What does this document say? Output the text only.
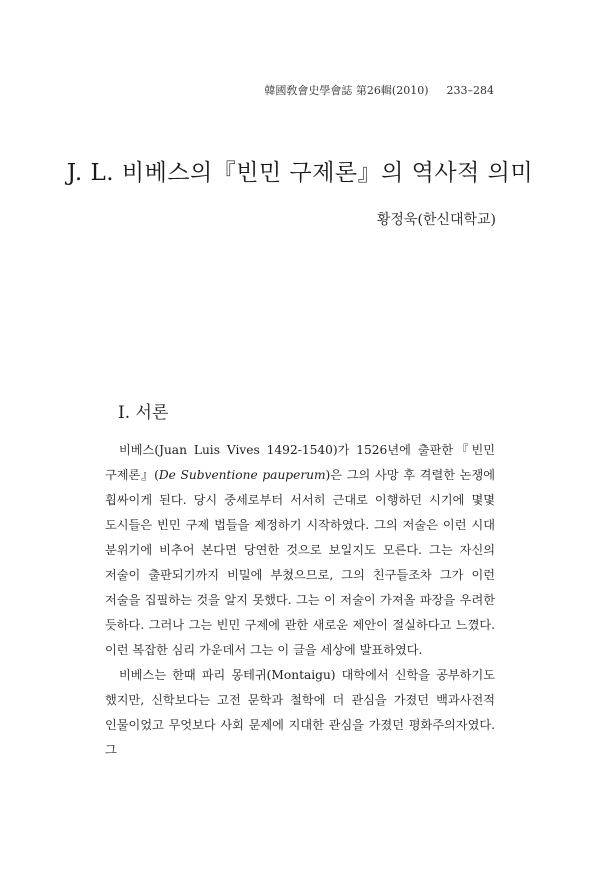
韓國敎會史學會誌 第26輯(2010) 233–284
J. L. 비베스의『빈민 구제론』의 역사적 의미
황정욱(한신대학교)
Ⅰ. 서론

비베스(Juan Luis Vives 1492-1540)가 1526년에 출판한『빈민 구제론』(De Subventione pauperum)은 그의 사망 후 격렬한 논쟁에 휩싸이게 된다. 당시 중세로부터 서서히 근대로 이행하던 시기에 몇몇 도시들은 빈민 구제 법들을 제정하기 시작하였다. 그의 저술은 이런 시대 분위기에 비추어 본다면 당연한 것으로 보일지도 모른다. 그는 자신의 저술이 출판되기까지 비밀에 부쳤으므로, 그의 친구들조차 그가 이런 저술을 집필하는 것을 알지 못했다. 그는 이 저술이 가져올 파장을 우려한 듯하다. 그러나 그는 빈민 구제에 관한 새로운 제안이 절실하다고 느꼈다. 이런 복잡한 심리 가운데서 그는 이 글을 세상에 발표하였다.

비베스는 한때 파리 몽테귀(Montaigu) 대학에서 신학을 공부하기도 했지만, 신학보다는 고전 문학과 철학에 더 관심을 가졌던 백과사전적 인물이었고 무엇보다 사회 문제에 지대한 관심을 가졌던 평화주의자였다. 그
